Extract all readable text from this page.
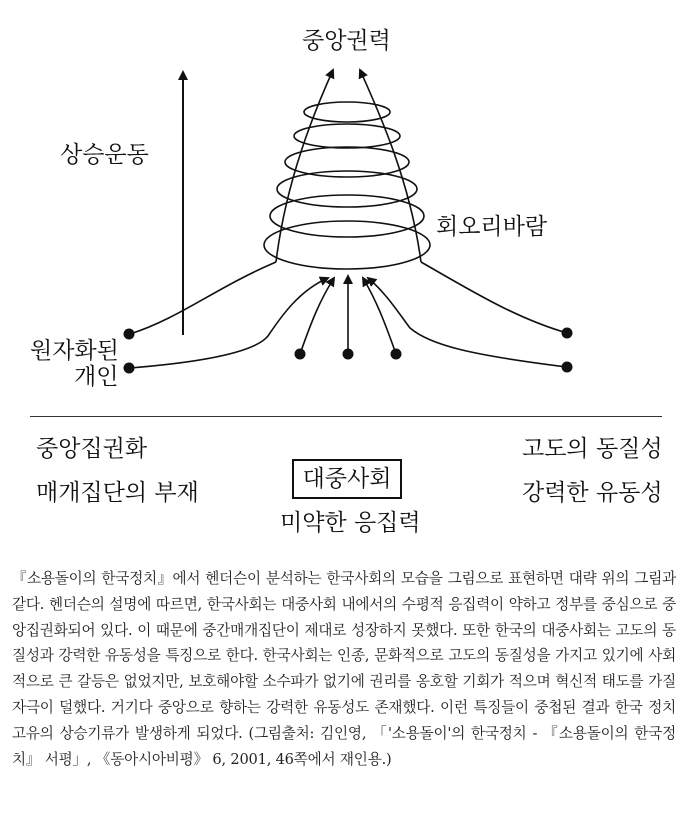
중앙권력
상승운동
회오리바람
원자화된
개인
중앙집권화
매개집단의 부재
고도의 동질성
강력한 유동성
대중사회
미약한 응집력
『소용돌이의 한국정치』에서 헨더슨이 분석하는 한국사회의 모습을 그림으로 표현하면 대략 위의 그림과 같다. 헨더슨의 설명에 따르면, 한국사회는 대중사회 내에서의 수평적 응집력이 약하고 정부를 중심으로 중앙집권화되어 있다. 이 때문에 중간매개집단이 제대로 성장하지 못했다. 또한 한국의 대중사회는 고도의 동질성과 강력한 유동성을 특징으로 한다. 한국사회는 인종, 문화적으로 고도의 동질성을 가지고 있기에 사회적으로 큰 갈등은 없었지만, 보호해야할 소수파가 없기에 권리를 옹호할 기회가 적으며 혁신적 태도를 가질 자극이 덜했다. 거기다 중앙으로 향하는 강력한 유동성도 존재했다. 이런 특징들이 중첩된 결과 한국 정치 고유의 상승기류가 발생하게 되었다. (그림출처: 김인영, 「'소용돌이'의 한국정치 - 『소용돌이의 한국정치』 서평」, 《동아시아비평》 6, 2001, 46쪽에서 재인용.)
